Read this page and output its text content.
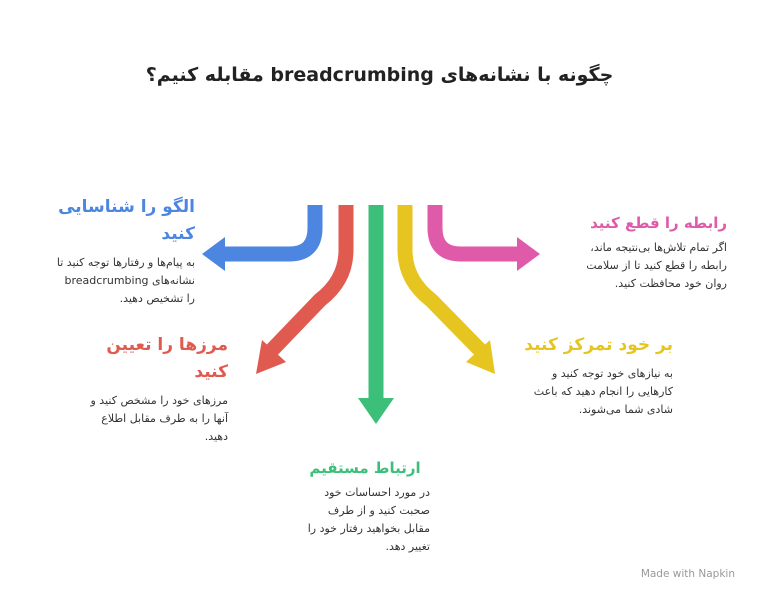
چگونه با نشانه‌های breadcrumbing مقابله کنیم؟
الگو را شناسایی کنید
به پیام‌ها و رفتارها توجه کنید تا نشانه‌های breadcrumbing را تشخیص دهید.
مرزها را تعیین کنید
مرزهای خود را مشخص کنید و آنها را به طرف مقابل اطلاع دهید.
ارتباط مستقیم
در مورد احساسات خود صحبت کنید و از طرف مقابل بخواهید رفتار خود را تغییر دهد.
بر خود تمرکز کنید
به نیازهای خود توجه کنید و کارهایی را انجام دهید که باعث شادی شما می‌شوند.
رابطه را قطع کنید
اگر تمام تلاش‌ها بی‌نتیجه ماند، رابطه را قطع کنید تا از سلامت روان خود محافظت کنید.
Made with Napkin
